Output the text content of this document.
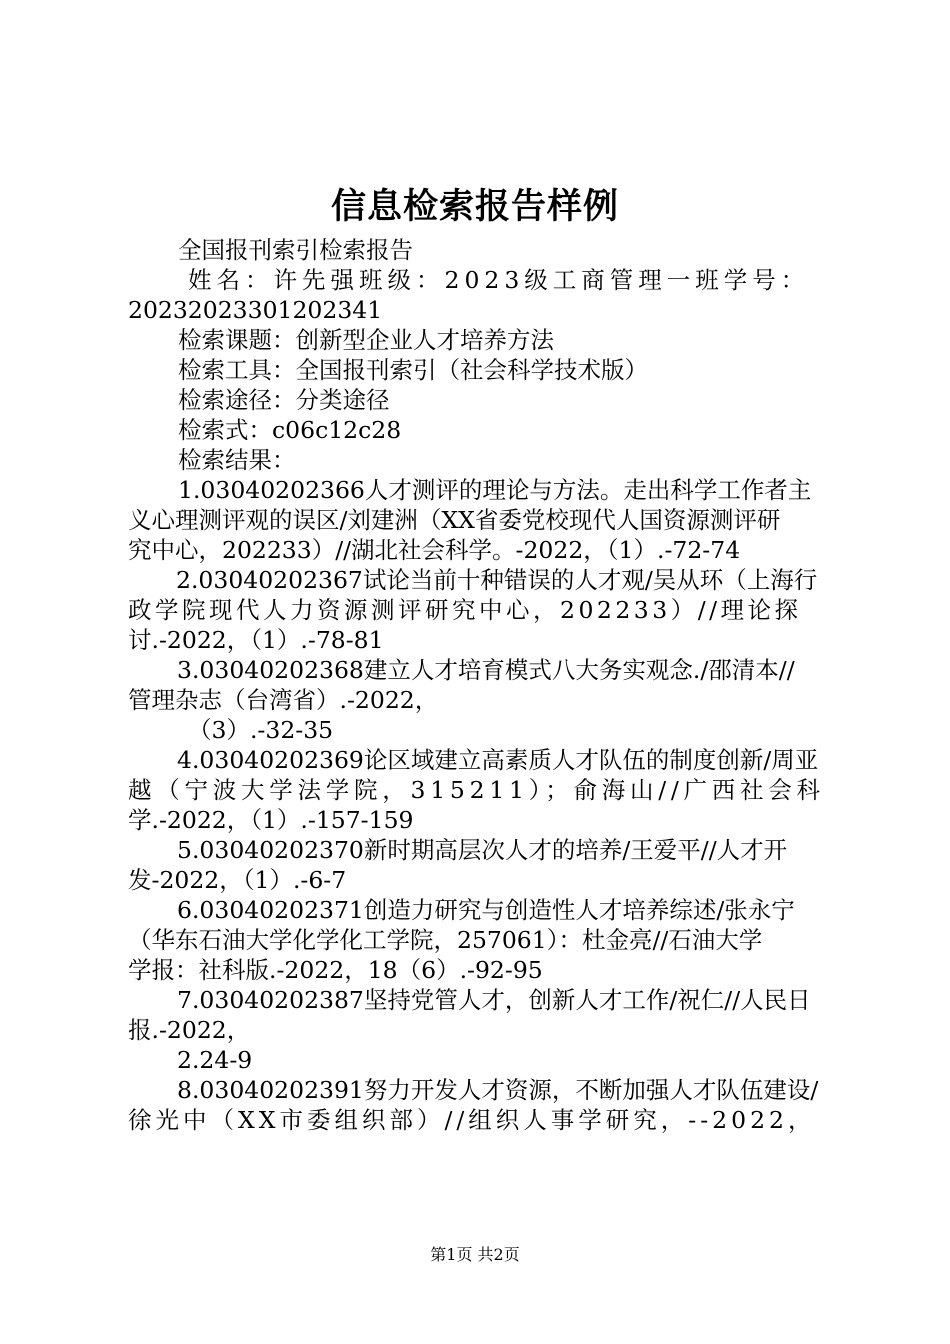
信息检索报告样例
全国报刊索引检索报告
姓名：许先强班级：2023级工商管理一班学号：
20232023301202341
检索课题：创新型企业人才培养方法
检索工具：全国报刊索引（社会科学技术版）
检索途径：分类途径
检索式：c06c12c28
检索结果：
1.03040202366人才测评的理论与方法。走出科学工作者主
义心理测评观的误区/刘建洲（XX省委党校现代人国资源测评研
究中心，202233）//湖北社会科学。-2022，（1）.-72-74
2.03040202367试论当前十种错误的人才观/吴从环（上海行
政学院现代人力资源测评研究中心，202233）//理论探
讨.-2022，（1）.-78-81
3.03040202368建立人才培育模式八大务实观念./邵清本//
管理杂志（台湾省）.-2022，
（3）.-32-35
4.03040202369论区域建立高素质人才队伍的制度创新/周亚
越（宁波大学法学院，315211）；俞海山//广西社会科
学.-2022，（1）.-157-159
5.03040202370新时期高层次人才的培养/王爱平//人才开
发-2022，（1）.-6-7
6.03040202371创造力研究与创造性人才培养综述/张永宁
（华东石油大学化学化工学院，257061）：杜金亮//石油大学
学报：社科版.-2022，18（6）.-92-95
7.03040202387坚持党管人才，创新人才工作/祝仁//人民日
报.-2022，
2.24-9
8.03040202391努力开发人才资源，不断加强人才队伍建设/
徐光中（XX市委组织部）//组织人事学研究，--2022，
第1页 共2页
